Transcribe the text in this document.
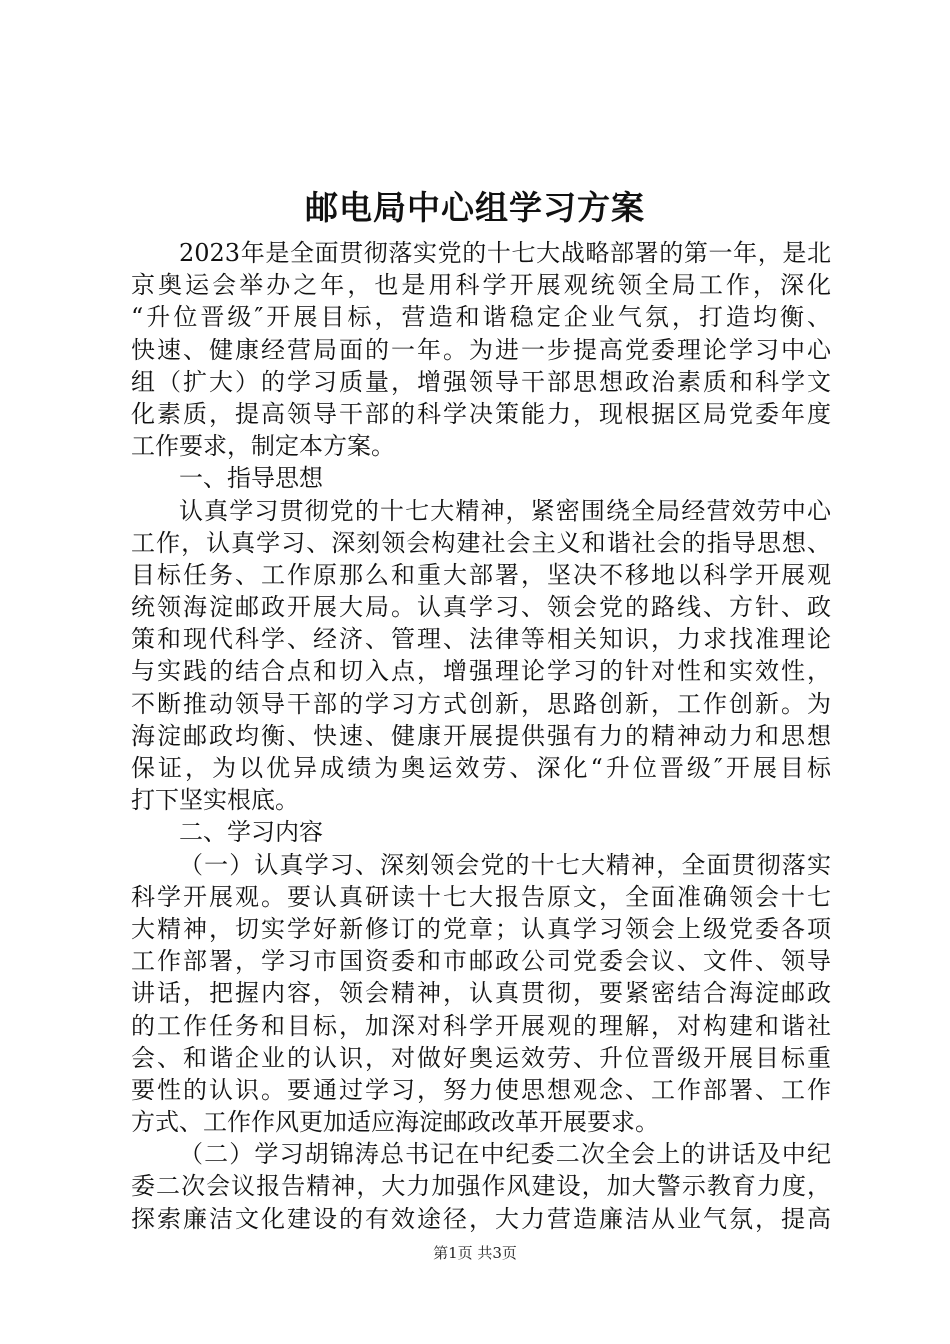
邮电局中心组学习方案
2023年是全面贯彻落实党的十七大战略部署的第一年，是北
京奥运会举办之年，也是用科学开展观统领全局工作，深化
“升位晋级″开展目标，营造和谐稳定企业气氛，打造均衡、
快速、健康经营局面的一年。为进一步提高党委理论学习中心
组（扩大）的学习质量，增强领导干部思想政治素质和科学文
化素质，提高领导干部的科学决策能力，现根据区局党委年度
工作要求，制定本方案。
一、指导思想
认真学习贯彻党的十七大精神，紧密围绕全局经营效劳中心
工作，认真学习、深刻领会构建社会主义和谐社会的指导思想、
目标任务、工作原那么和重大部署，坚决不移地以科学开展观
统领海淀邮政开展大局。认真学习、领会党的路线、方针、政
策和现代科学、经济、管理、法律等相关知识，力求找准理论
与实践的结合点和切入点，增强理论学习的针对性和实效性，
不断推动领导干部的学习方式创新，思路创新，工作创新。为
海淀邮政均衡、快速、健康开展提供强有力的精神动力和思想
保证，为以优异成绩为奥运效劳、深化“升位晋级″开展目标
打下坚实根底。
二、学习内容
（一）认真学习、深刻领会党的十七大精神，全面贯彻落实
科学开展观。要认真研读十七大报告原文，全面准确领会十七
大精神，切实学好新修订的党章；认真学习领会上级党委各项
工作部署，学习市国资委和市邮政公司党委会议、文件、领导
讲话，把握内容，领会精神，认真贯彻，要紧密结合海淀邮政
的工作任务和目标，加深对科学开展观的理解，对构建和谐社
会、和谐企业的认识，对做好奥运效劳、升位晋级开展目标重
要性的认识。要通过学习，努力使思想观念、工作部署、工作
方式、工作作风更加适应海淀邮政改革开展要求。
（二）学习胡锦涛总书记在中纪委二次全会上的讲话及中纪
委二次会议报告精神，大力加强作风建设，加大警示教育力度，
探索廉洁文化建设的有效途径，大力营造廉洁从业气氛，提高
第1页 共3页
